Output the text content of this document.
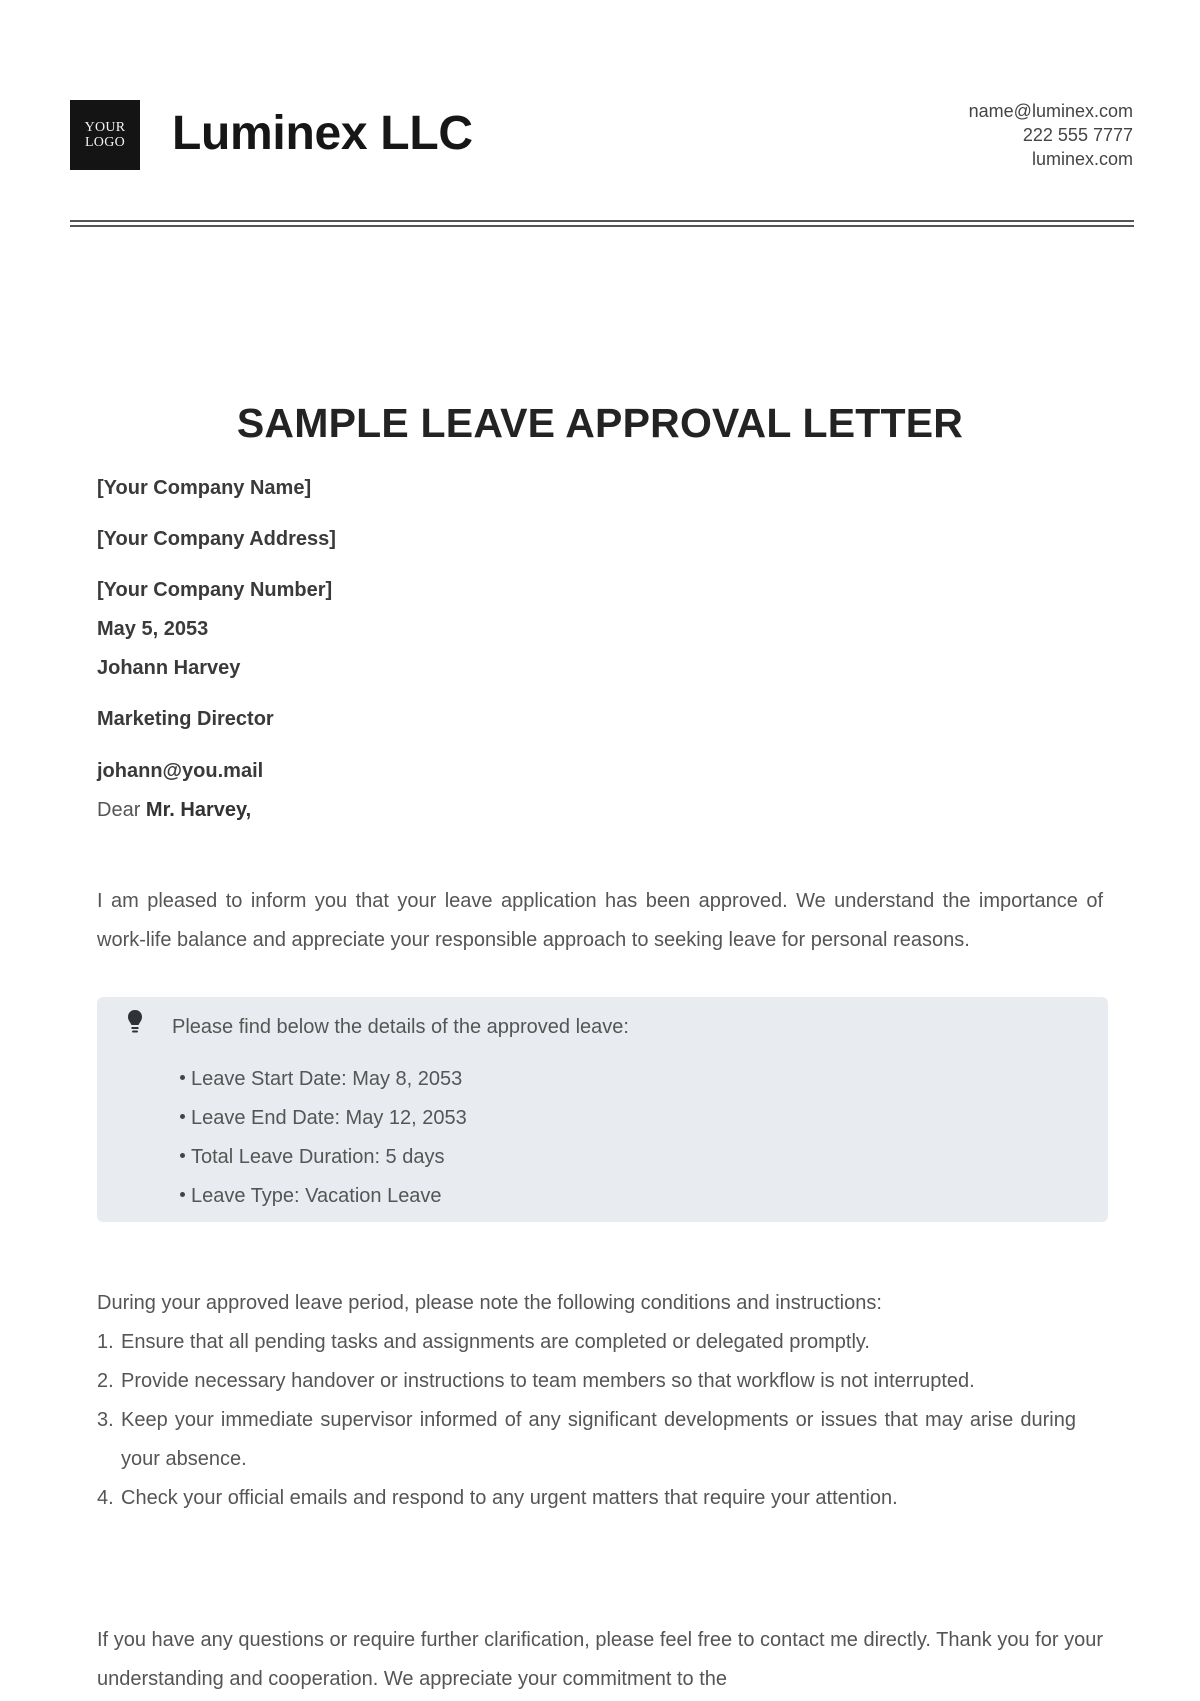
YOUR
LOGO Luminex LLC	name@luminex.com
222 555 7777
luminex.com
SAMPLE LEAVE APPROVAL LETTER
[Your Company Name]
[Your Company Address]
[Your Company Number]
May 5, 2053
Johann Harvey
Marketing Director
johann@you.mail
Dear Mr. Harvey,

I am pleased to inform you that your leave application has been approved. We understand the importance of work-life balance and appreciate your responsible approach to seeking leave for personal reasons.

Please find below the details of the approved leave:
Leave Start Date: May 8, 2053
Leave End Date: May 12, 2053
Total Leave Duration: 5 days
Leave Type: Vacation Leave
During your approved leave period, please note the following conditions and instructions:
1. Ensure that all pending tasks and assignments are completed or delegated promptly.
2. Provide necessary handover or instructions to team members so that workflow is not interrupted.
3. Keep your immediate supervisor informed of any significant developments or issues that may arise during your absence.
4. Check your official emails and respond to any urgent matters that require your attention.

If you have any questions or require further clarification, please feel free to contact me directly. Thank you for your understanding and cooperation. We appreciate your commitment to the
